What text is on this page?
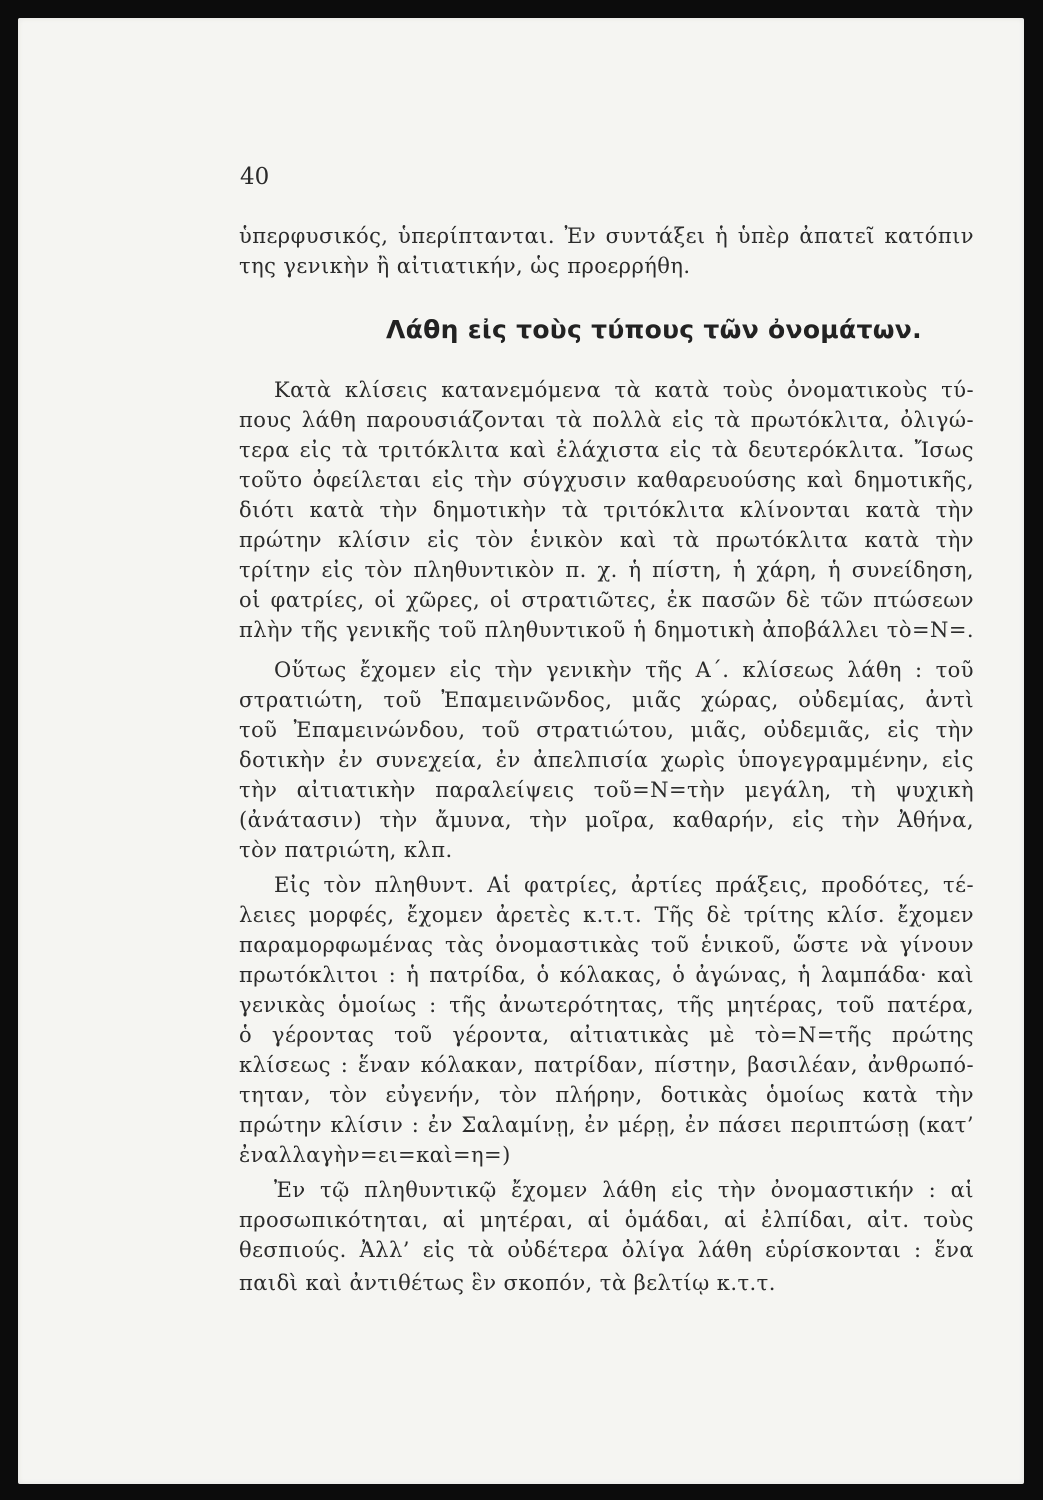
40

ὑπερφυσικός, ὑπερίπτανται. Ἐν συντάξει ἡ ὑπὲρ ἀπατεῖ κατόπιν

της γενικὴν ἢ αἰτιατικήν, ὡς προερρήθη.

Λάθη εἰς τοὺς τύπους τῶν ὀνομάτων.

Κατὰ κλίσεις κατανεμόμενα τὰ κατὰ τοὺς ὀνοματικοὺς τύ-

πους λάθη παρουσιάζονται τὰ πολλὰ εἰς τὰ πρωτόκλιτα, ὀλιγώ-

τερα εἰς τὰ τριτόκλιτα καὶ ἐλάχιστα εἰς τὰ δευτερόκλιτα. Ἴσως

τοῦτο ὀφείλεται εἰς τὴν σύγχυσιν καθαρευούσης καὶ δημοτικῆς,

διότι κατὰ τὴν δημοτικὴν τὰ τριτόκλιτα κλίνονται κατὰ τὴν

πρώτην κλίσιν εἰς τὸν ἑνικὸν καὶ τὰ πρωτόκλιτα κατὰ τὴν

τρίτην εἰς τὸν πληθυντικὸν π. χ. ἡ πίστη, ἡ χάρη, ἡ συνείδηση,

οἱ φατρίες, οἱ χῶρες, οἱ στρατιῶτες, ἐκ πασῶν δὲ τῶν πτώσεων

πλὴν τῆς γενικῆς τοῦ πληθυντικοῦ ἡ δημοτικὴ ἀποβάλλει τὸ=Ν=.

Οὕτως ἔχομεν εἰς τὴν γενικὴν τῆς Α΄. κλίσεως λάθη : τοῦ

στρατιώτη, τοῦ Ἐπαμεινῶνδος, μιᾶς χώρας, οὐδεμίας, ἀντὶ

τοῦ Ἐπαμεινώνδου, τοῦ στρατιώτου, μιᾶς, οὐδεμιᾶς, εἰς τὴν

δοτικὴν ἐν συνεχεία, ἐν ἀπελπισία χωρὶς ὑπογεγραμμένην, εἰς

τὴν αἰτιατικὴν παραλείψεις τοῦ=Ν=τὴν μεγάλη, τὴ ψυχικὴ

(ἀνάτασιν) τὴν ἄμυνα, τὴν μοῖρα, καθαρήν, εἰς τὴν Ἀθήνα,

τὸν πατριώτη, κλπ.

Εἰς τὸν πληθυντ. Αἱ φατρίες, ἀρτίες πράξεις, προδότες, τέ-

λειες μορφές, ἔχομεν ἀρετὲς κ.τ.τ. Τῆς δὲ τρίτης κλίσ. ἔχομεν

παραμορφωμένας τὰς ὀνομαστικὰς τοῦ ἑνικοῦ, ὥστε νὰ γίνουν

πρωτόκλιτοι : ἡ πατρίδα, ὁ κόλακας, ὁ ἀγώνας, ἡ λαμπάδα· καὶ

γενικὰς ὁμοίως : τῆς ἀνωτερότητας, τῆς μητέρας, τοῦ πατέρα,

ὁ γέροντας τοῦ γέροντα, αἰτιατικὰς μὲ τὸ=Ν=τῆς πρώτης

κλίσεως : ἕναν κόλακαν, πατρίδαν, πίστην, βασιλέαν, ἀνθρωπό-

τηταν, τὸν εὐγενήν, τὸν πλήρην, δοτικὰς ὁμοίως κατὰ τὴν

πρώτην κλίσιν : ἐν Σαλαμίνῃ, ἐν μέρῃ, ἐν πάσει περιπτώσῃ (κατ’

ἐναλλαγὴν=ει=καὶ=η=)

Ἐν τῷ πληθυντικῷ ἔχομεν λάθη εἰς τὴν ὀνομαστικήν : αἱ

προσωπικότηται, αἱ μητέραι, αἱ ὁμάδαι, αἱ ἐλπίδαι, αἰτ. τοὺς

θεσπιούς. Ἀλλ’ εἰς τὰ οὐδέτερα ὀλίγα λάθη εὑρίσκονται : ἕνα

παιδὶ καὶ ἀντιθέτως ἓν σκοπόν, τὰ βελτίῳ κ.τ.τ.
